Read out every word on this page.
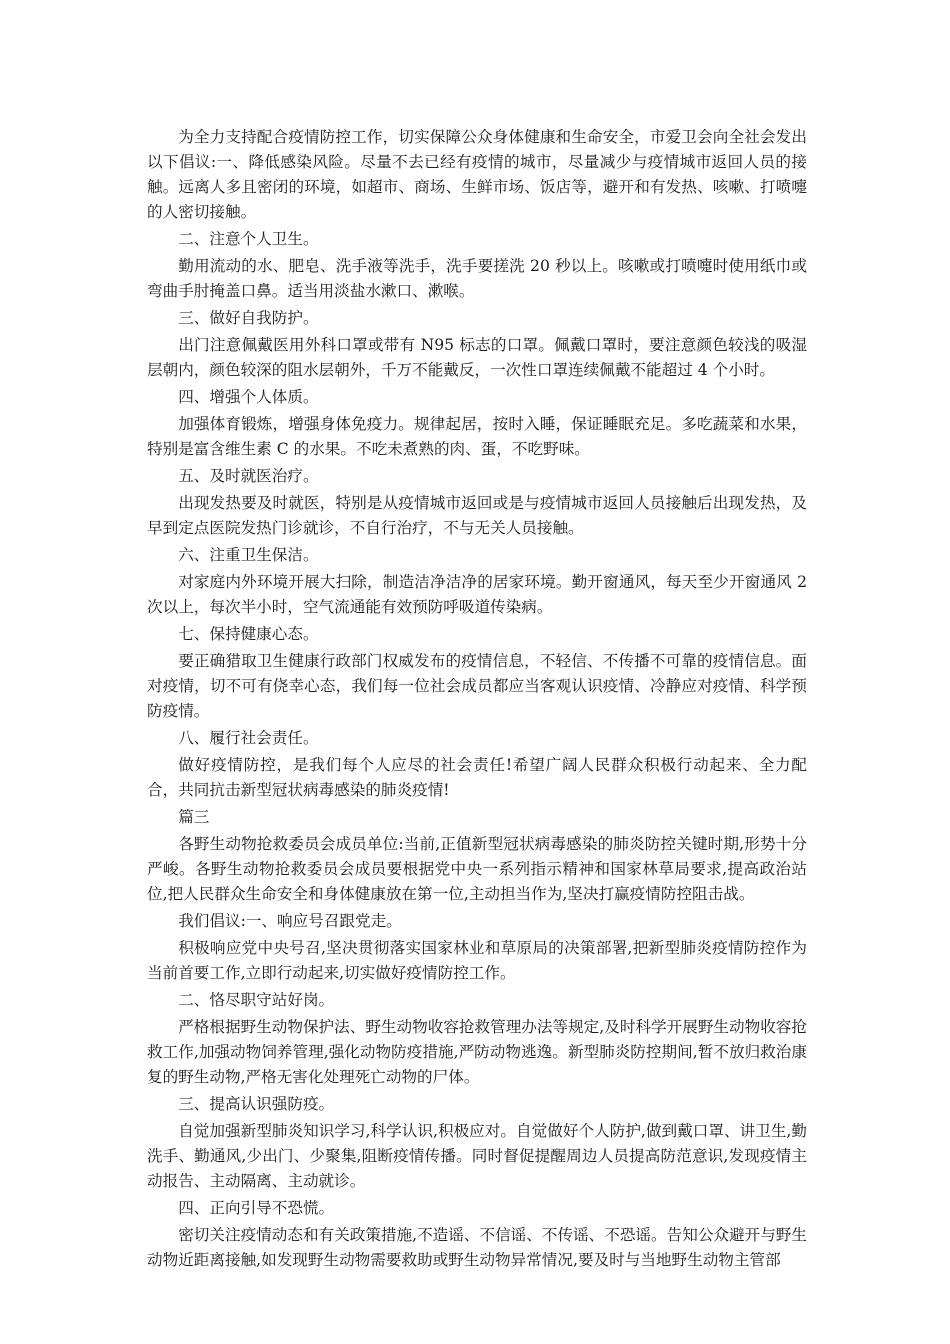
为全力支持配合疫情防控工作，切实保障公众身体健康和生命安全，市爱卫会向全社会发出以下倡议:一、降低感染风险。尽量不去已经有疫情的城市，尽量减少与疫情城市返回人员的接触。远离人多且密闭的环境，如超市、商场、生鲜市场、饭店等，避开和有发热、咳嗽、打喷嚏的人密切接触。

二、注意个人卫生。

勤用流动的水、肥皂、洗手液等洗手，洗手要搓洗 20 秒以上。咳嗽或打喷嚏时使用纸巾或弯曲手肘掩盖口鼻。适当用淡盐水漱口、漱喉。

三、做好自我防护。

出门注意佩戴医用外科口罩或带有 N95 标志的口罩。佩戴口罩时，要注意颜色较浅的吸湿层朝内，颜色较深的阻水层朝外，千万不能戴反，一次性口罩连续佩戴不能超过 4 个小时。

四、增强个人体质。

加强体育锻炼，增强身体免疫力。规律起居，按时入睡，保证睡眠充足。多吃蔬菜和水果，特别是富含维生素 C 的水果。不吃未煮熟的肉、蛋，不吃野味。

五、及时就医治疗。

出现发热要及时就医，特别是从疫情城市返回或是与疫情城市返回人员接触后出现发热，及早到定点医院发热门诊就诊，不自行治疗，不与无关人员接触。

六、注重卫生保洁。

对家庭内外环境开展大扫除，制造洁净洁净的居家环境。勤开窗通风，每天至少开窗通风 2 次以上，每次半小时，空气流通能有效预防呼吸道传染病。

七、保持健康心态。

要正确猎取卫生健康行政部门权威发布的疫情信息，不轻信、不传播不可靠的疫情信息。面对疫情，切不可有侥幸心态，我们每一位社会成员都应当客观认识疫情、冷静应对疫情、科学预防疫情。

八、履行社会责任。

做好疫情防控，是我们每个人应尽的社会责任!希望广阔人民群众积极行动起来、全力配合，共同抗击新型冠状病毒感染的肺炎疫情!

篇三

各野生动物抢救委员会成员单位:当前,正值新型冠状病毒感染的肺炎防控关键时期,形势十分严峻。各野生动物抢救委员会成员要根据党中央一系列指示精神和国家林草局要求,提高政治站位,把人民群众生命安全和身体健康放在第一位,主动担当作为,坚决打赢疫情防控阻击战。

我们倡议:一、响应号召跟党走。

积极响应党中央号召,坚决贯彻落实国家林业和草原局的决策部署,把新型肺炎疫情防控作为当前首要工作,立即行动起来,切实做好疫情防控工作。

二、恪尽职守站好岗。

严格根据野生动物保护法、野生动物收容抢救管理办法等规定,及时科学开展野生动物收容抢救工作,加强动物饲养管理,强化动物防疫措施,严防动物逃逸。新型肺炎防控期间,暂不放归救治康复的野生动物,严格无害化处理死亡动物的尸体。

三、提高认识强防疫。

自觉加强新型肺炎知识学习,科学认识,积极应对。自觉做好个人防护,做到戴口罩、讲卫生,勤洗手、勤通风,少出门、少聚集,阻断疫情传播。同时督促提醒周边人员提高防范意识,发现疫情主动报告、主动隔离、主动就诊。

四、正向引导不恐慌。

密切关注疫情动态和有关政策措施,不造谣、不信谣、不传谣、不恐谣。告知公众避开与野生动物近距离接触,如发现野生动物需要救助或野生动物异常情况,要及时与当地野生动物主管部
